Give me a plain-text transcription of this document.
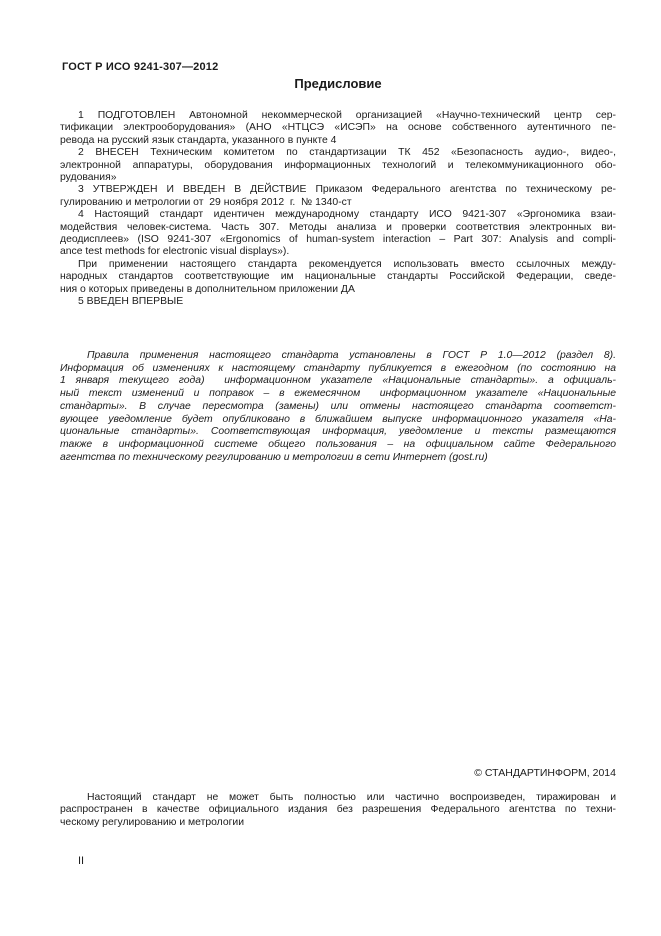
ГОСТ Р ИСО 9241-307—2012
Предисловие
1 ПОДГОТОВЛЕН Автономной некоммерческой организацией «Научно-технический центр сер-
тификации электрооборудования» (АНО «НТЦСЭ «ИСЭП» на основе собственного аутентичного пе-
ревода на русский язык стандарта, указанного в пункте 4
2 ВНЕСЕН Техническим комитетом по стандартизации ТК 452 «Безопасность аудио-, видео-,
электронной аппаратуры, оборудования информационных технологий и телекоммуникационного обо-
рудования»
3 УТВЕРЖДЕН И ВВЕДЕН В ДЕЙСТВИЕ Приказом Федерального агентства по техническому ре-
гулированию и метрологии от  29 ноября 2012  г.  № 1340-ст
4 Настоящий стандарт идентичен международному стандарту ИСО 9421-307 «Эргономика взаи-
модействия человек-система. Часть 307. Методы анализа и проверки соответствия электронных ви-
деодисплеев» (ISO 9241-307 «Ergonomics of human-system interaction – Part 307: Analysis and compli-
ance test methods for electronic visual displays»).
При применении настоящего стандарта рекомендуется использовать вместо ссылочных между-
народных стандартов соответствующие им национальные стандарты Российской Федерации, сведе-
ния о которых приведены в дополнительном приложении ДА
5 ВВЕДЕН ВПЕРВЫЕ
Правила применения настоящего стандарта установлены в ГОСТ Р 1.0—2012 (раздел 8).
Информация об изменениях к настоящему стандарту публикуется в ежегодном (по состоянию на
1 января текущего года)  информационном указателе «Национальные стандарты». а официаль-
ный текст изменений и поправок – в ежемесячном  информационном указателе «Национальные
стандарты». В случае пересмотра (замены) или отмены настоящего стандарта соответст-
вующее уведомление будет опубликовано в ближайшем выпуске информационного указателя «На-
циональные стандарты». Соответствующая информация, уведомление и тексты размещаются
также в информационной системе общего пользования – на официальном сайте Федерального
агентства по техническому регулированию и метрологии в сети Интернет (gost.ru)
© СТАНДАРТИНФОРМ, 2014
Настоящий стандарт не может быть полностью или частично воспроизведен, тиражирован и
распространен в качестве официального издания без разрешения Федерального агентства по техни-
ческому регулированию и метрологии
II
